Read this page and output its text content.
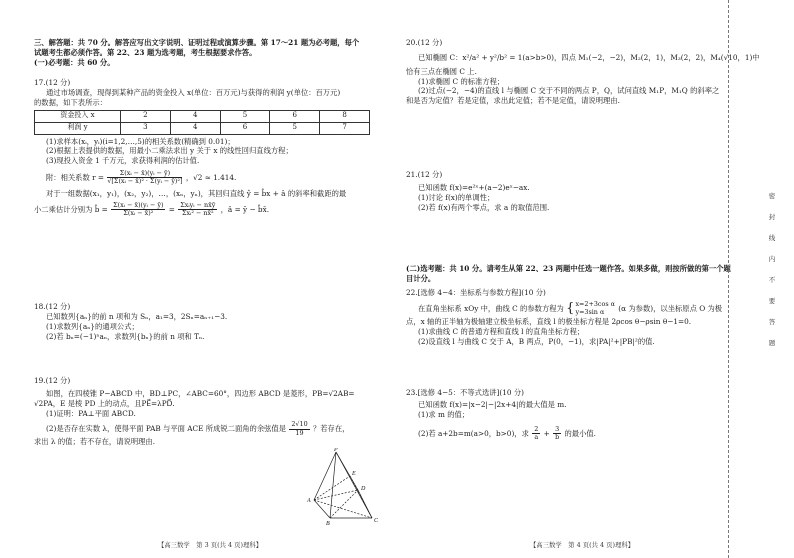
三、解答题：共 70 分。解答应写出文字说明、证明过程或演算步骤。第 17～21 题为必考题，每个
试题考生都必须作答。第 22、23 题为选考题，考生根据要求作答。
(一)必考题：共 60 分。
17.(12 分)
通过市场调查，现得到某种产品的资金投入 x(单位：百万元)与获得的利润 y(单位：百万元)
的数据，如下表所示：
资金投入 x	2	4	5	6	8
利润 y	3	4	6	5	7
(1)求样本(xᵢ，yᵢ)(i=1,2,…,5)的相关系数(精确到 0.01)；
(2)根据上表提供的数据，用最小二乘法求出 y 关于 x 的线性回归直线方程；
(3)现投入资金 1 千万元，求获得利润的估计值.
附：相关系数 $r = \frac{\text{Σ(xᵢ − x̄)(yᵢ − ȳ)}}{\text{√[Σ(xᵢ − x̄)² · Σ(yᵢ − ȳ)²]}}$ ，√2 ≈ 1.414.
对于一组数据(x₁，y₁)，(x₂，y₂)，…，(xₙ，yₙ)，其回归直线 ŷ = b̂x + â 的斜率和截距的最
小二乘估计分别为 b̂ = $\frac{\text{Σ(xᵢ − x̄)(yᵢ − ȳ)}}{\text{Σ(xᵢ − x̄)²}} = \frac{\text{Σxᵢyᵢ − nx̄ȳ}}{\text{Σxᵢ² − nx̄²}}$ ，â = ȳ − b̂x̄.
18.(12 分)
已知数列{aₙ}的前 n 项和为 Sₙ，a₁=3，2Sₙ=aₙ₊₁−3.
(1)求数列{aₙ}的通项公式；
(2)若 bₙ=(−1)ⁿaₙ，求数列{bₙ}的前 n 项和 Tₙ.
19.(12 分)
如图，在四棱锥 P−ABCD 中，BD⊥PC，∠ABC=60°，四边形 ABCD 是菱形，PB=√2AB=
√2PA，E 是棱 PD 上的动点，且PE⃗=λPD⃗.
(1)证明：PA⊥平面 ABCD.
(2)是否存在实数 λ，使得平面 PAB 与平面 ACE 所成锐二面角的余弦值是 $\frac{2√10}{19}$ ？若存在，
求出 λ 的值；若不存在，请说明理由.
P
A
B	C
D
E
【高三数学　第 3 页(共 4 页)理科】
20.(12 分)
已知椭圆 C：x²/a² + y²/b² = 1(a>b>0)，四点 M₁(−2，−2)，M₂(2，1)，M₃(2，2)，M₄(√10，1)中
恰有三点在椭圆 C 上.
(1)求椭圆 C 的标准方程；
(2)过点(−2，−4)的直线 l 与椭圆 C 交于不同的两点 P，Q，试问直线 M₁P，M₁Q 的斜率之
和是否为定值？若是定值，求出此定值；若不是定值，请说明理由.
21.(12 分)
已知函数 f(x)=e²ˣ+(a−2)eˣ−ax.
(1)讨论 f(x)的单调性；
(2)若 f(x)有两个零点，求 a 的取值范围.
(二)选考题：共 10 分。请考生从第 22、23 两题中任选一题作答。如果多做，则按所做的第一个题
目计分。
22.[选修 4−4：坐标系与参数方程](10 分)
在直角坐标系 xOy 中，曲线 C 的参数方程为 { x=2+3cos α
y=3sin α	(α 为参数)，以坐标原点 O 为极
点，x 轴的正半轴为极轴建立极坐标系，直线 l 的极坐标方程是 2ρcos θ−ρsin θ−1=0.
(1)求曲线 C 的普通方程和直线 l 的直角坐标方程；
(2)设直线 l 与曲线 C 交于 A，B 两点，P(0，−1)，求|PA|²+|PB|²的值.
23.[选修 4−5：不等式选讲](10 分)
已知函数 f(x)=|x−2|−|2x+4|的最大值是 m.
(1)求 m 的值；
(2)若 a+2b=m(a>0，b>0)，求 $\frac{2}{a} + \frac{3}{b}$ 的最小值.
【高三数学　第 4 页(共 4 页)理科】
密
封
线
内
不
要
答
题
